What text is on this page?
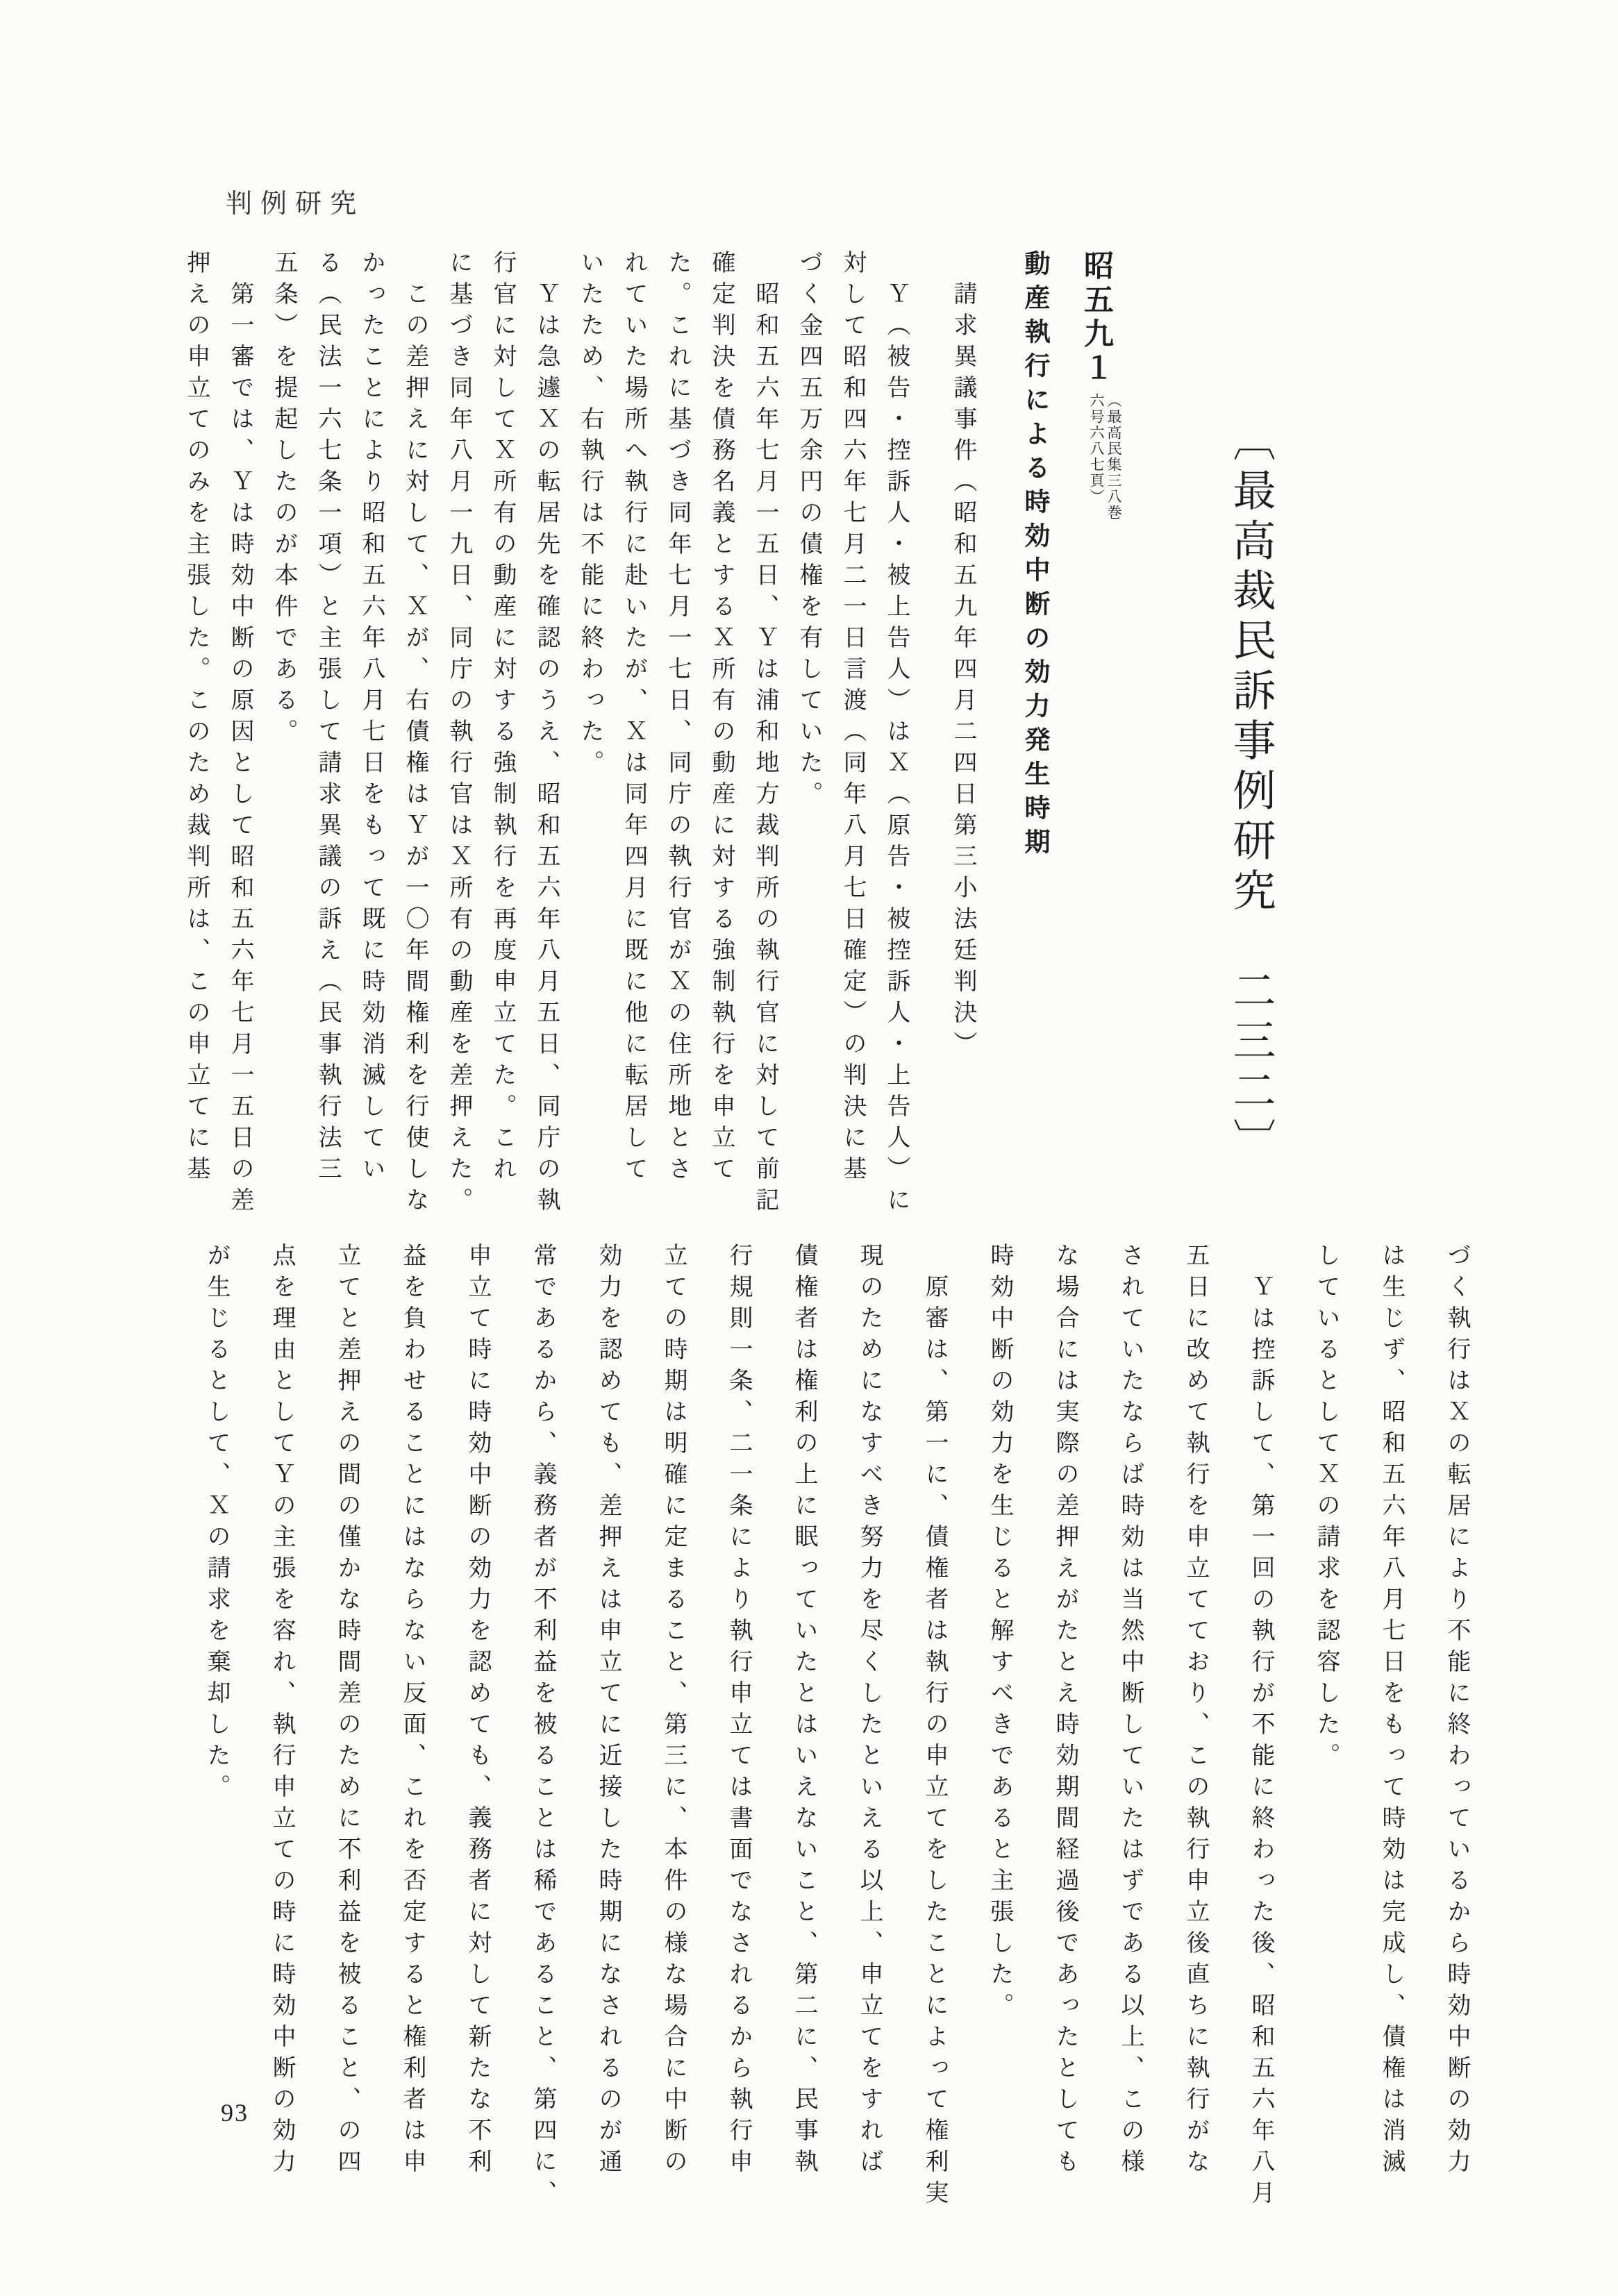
判例研究
〔最高裁民訴事例研究　二三二〕
昭五九１
（最高民集三八巻
六号六八七頁）
動産執行による時効中断の効力発生時期
　請求異議事件（昭和五九年四月二四日第三小法廷判決）
　Ｙ（被告・控訴人・被上告人）はＸ（原告・被控訴人・上告人）に
対して昭和四六年七月二一日言渡（同年八月七日確定）の判決に基
づく金四五万余円の債権を有していた。
　昭和五六年七月一五日、Ｙは浦和地方裁判所の執行官に対して前記
確定判決を債務名義とするＸ所有の動産に対する強制執行を申立て
た。これに基づき同年七月一七日、同庁の執行官がＸの住所地とさ
れていた場所へ執行に赴いたが、Ｘは同年四月に既に他に転居して
いたため、右執行は不能に終わった。
　Ｙは急遽Ｘの転居先を確認のうえ、昭和五六年八月五日、同庁の執
行官に対してＸ所有の動産に対する強制執行を再度申立てた。これ
に基づき同年八月一九日、同庁の執行官はＸ所有の動産を差押えた。
　この差押えに対して、Ｘが、右債権はＹが一〇年間権利を行使しな
かったことにより昭和五六年八月七日をもって既に時効消滅してい
る（民法一六七条一項）と主張して請求異議の訴え（民事執行法三
五条）を提起したのが本件である。
　第一審では、Ｙは時効中断の原因として昭和五六年七月一五日の差
押えの申立てのみを主張した。このため裁判所は、この申立てに基
づく執行はＸの転居により不能に終わっているから時効中断の効力
は生じず、昭和五六年八月七日をもって時効は完成し、債権は消滅
しているとしてＸの請求を認容した。
　Ｙは控訴して、第一回の執行が不能に終わった後、昭和五六年八月
五日に改めて執行を申立てており、この執行申立後直ちに執行がな
されていたならば時効は当然中断していたはずである以上、この様
な場合には実際の差押えがたとえ時効期間経過後であったとしても
時効中断の効力を生じると解すべきであると主張した。
　原審は、第一に、債権者は執行の申立てをしたことによって権利実
現のためになすべき努力を尽くしたといえる以上、申立てをすれば
債権者は権利の上に眠っていたとはいえないこと、第二に、民事執
行規則一条、二一条により執行申立ては書面でなされるから執行申
立ての時期は明確に定まること、第三に、本件の様な場合に中断の
効力を認めても、差押えは申立てに近接した時期になされるのが通
常であるから、義務者が不利益を被ることは稀であること、第四に、
申立て時に時効中断の効力を認めても、義務者に対して新たな不利
益を負わせることにはならない反面、これを否定すると権利者は申
立てと差押えの間の僅かな時間差のために不利益を被ること、の四
点を理由としてＹの主張を容れ、執行申立ての時に時効中断の効力
が生じるとして、Ｘの請求を棄却した。
93
